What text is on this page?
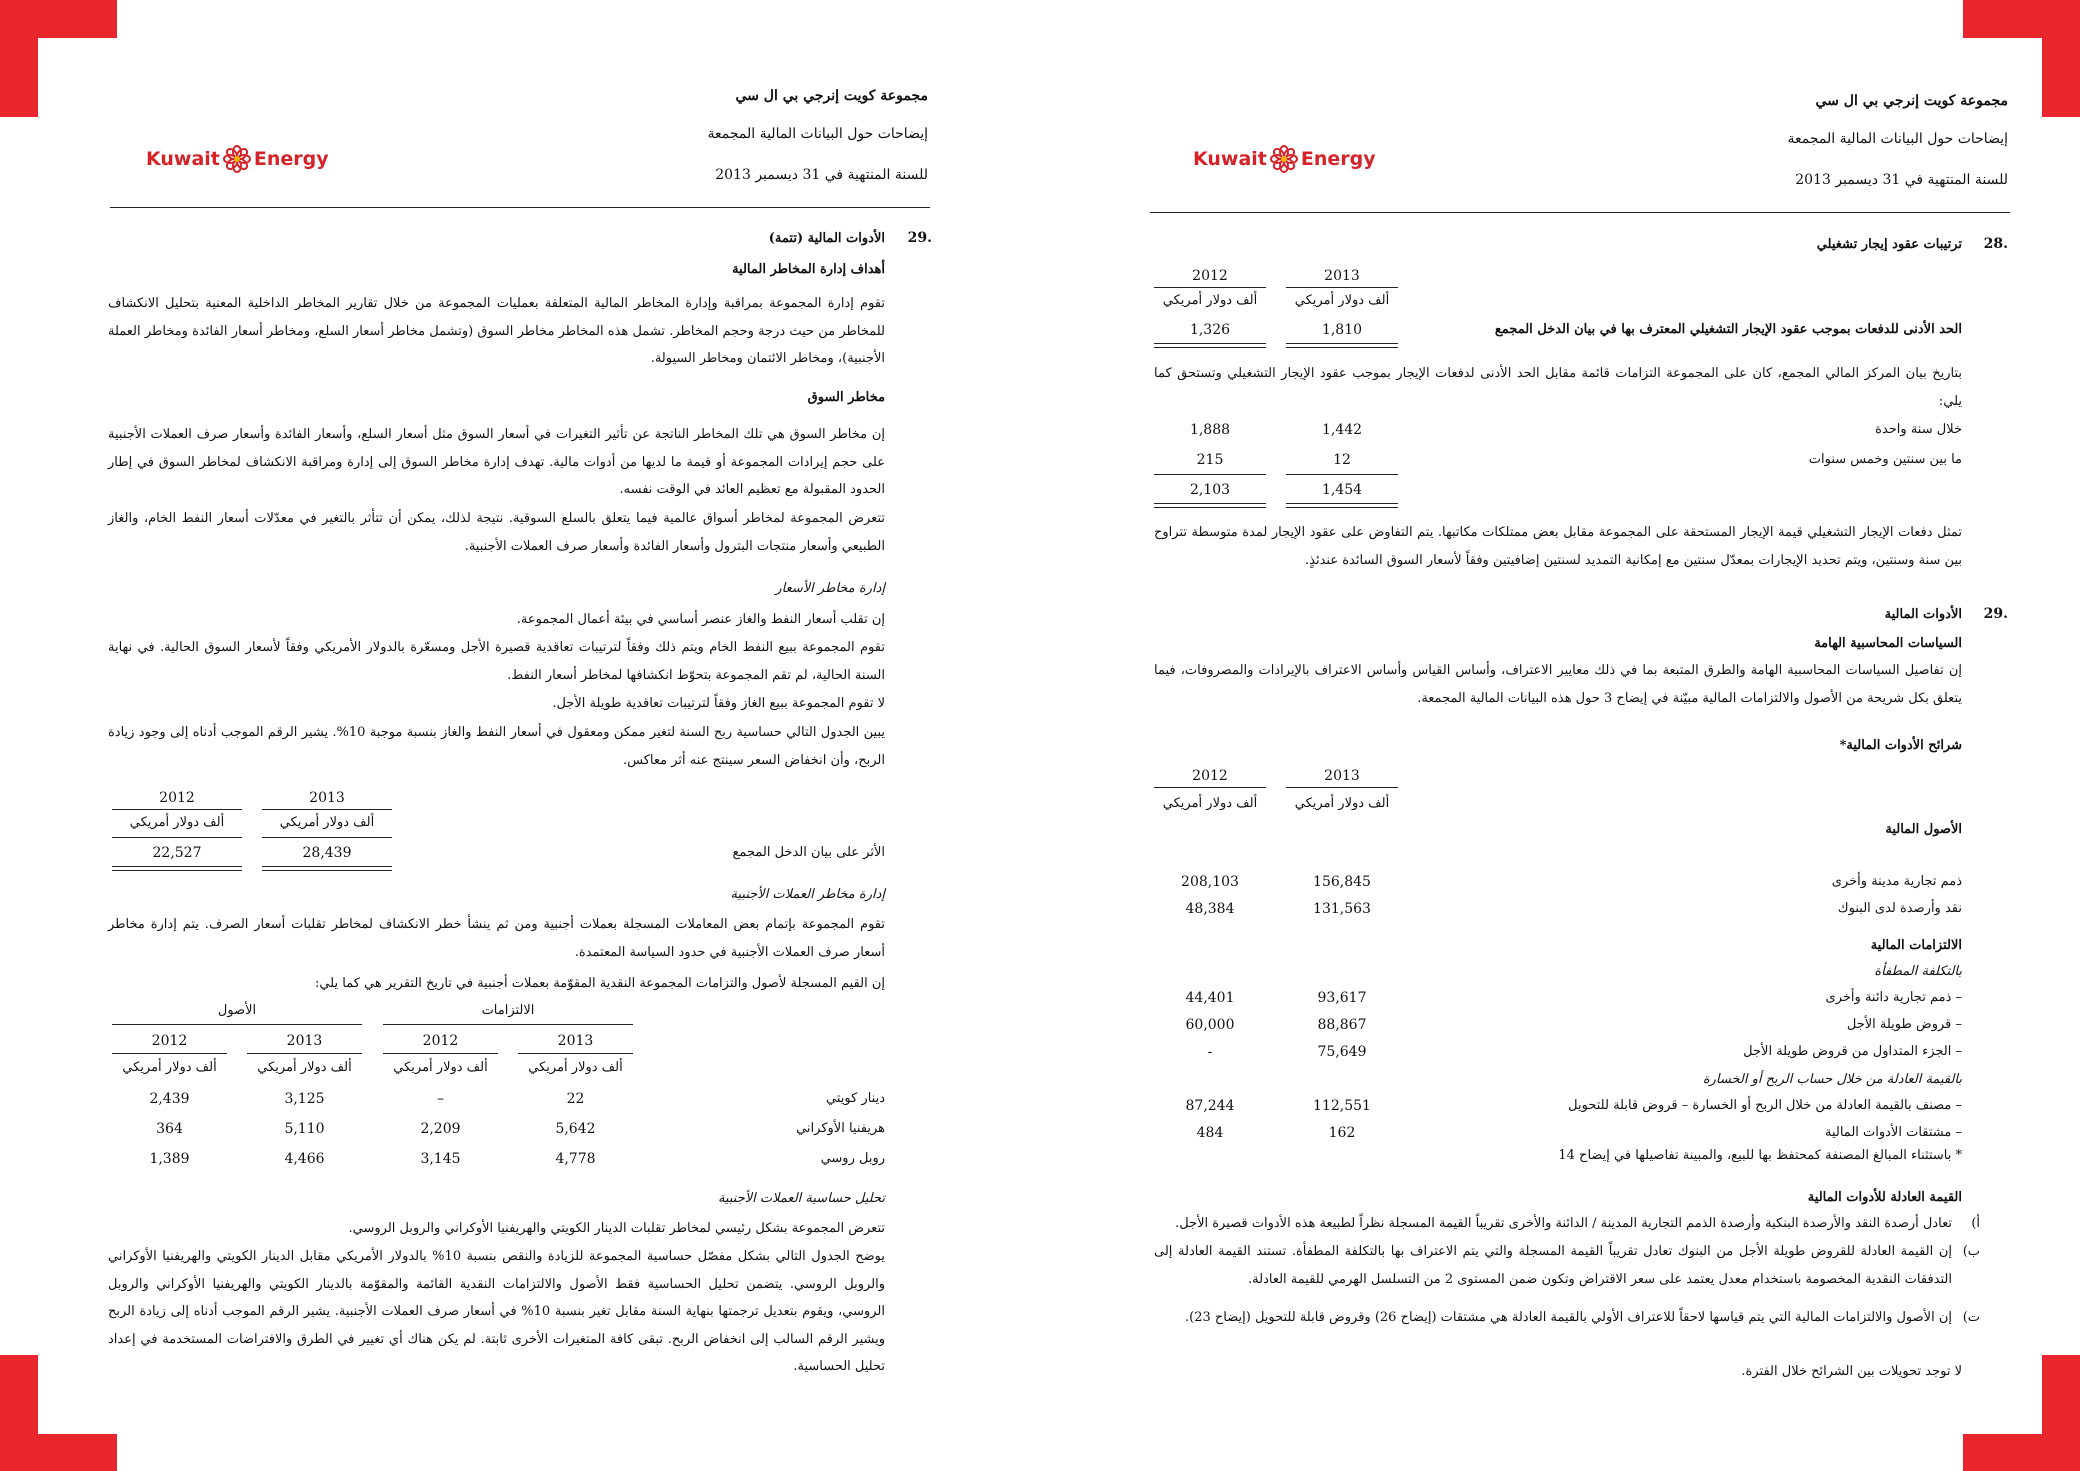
مجموعة كويت إنرجي بي ال سي
إيضاحات حول البيانات المالية المجمعة
للسنة المنتهية في 31 ديسمبر 2013
Kuwait Energy
29.
الأدوات المالية (تتمة)
أهداف إدارة المخاطر المالية
تقوم إدارة المجموعة بمراقبة وإدارة المخاطر المالية المتعلقة بعمليات المجموعة من خلال تقارير المخاطر الداخلية المعنية بتحليل الانكشاف للمخاطر من حيث درجة وحجم المخاطر. تشمل هذه المخاطر مخاطر السوق (وتشمل مخاطر أسعار السلع، ومخاطر أسعار الفائدة ومخاطر العملة الأجنبية)، ومخاطر الائتمان ومخاطر السيولة.
مخاطر السوق
إن مخاطر السوق هي تلك المخاطر الناتجة عن تأثير التغيرات في أسعار السوق مثل أسعار السلع، وأسعار الفائدة وأسعار صرف العملات الأجنبية على حجم إيرادات المجموعة أو قيمة ما لديها من أدوات مالية. تهدف إدارة مخاطر السوق إلى إدارة ومراقبة الانكشاف لمخاطر السوق في إطار الحدود المقبولة مع تعظيم العائد في الوقت نفسه.
تتعرض المجموعة لمخاطر أسواق عالمية فيما يتعلق بالسلع السوقية. نتيجة لذلك، يمكن أن تتأثر بالتغير في معدّلات أسعار النفط الخام، والغاز الطبيعي وأسعار منتجات البترول وأسعار الفائدة وأسعار صرف العملات الأجنبية.
إدارة مخاطر الأسعار
إن تقلب أسعار النفط والغاز عنصر أساسي في بيئة أعمال المجموعة.
تقوم المجموعة ببيع النفط الخام ويتم ذلك وفقاً لترتيبات تعاقدية قصيرة الأجل ومسعّرة بالدولار الأمريكي وفقاً لأسعار السوق الحالية. في نهاية السنة الحالية، لم تقم المجموعة بتحوّط انكشافها لمخاطر أسعار النفط.
لا تقوم المجموعة ببيع الغاز وفقاً لترتيبات تعاقدية طويلة الأجل.
يبين الجدول التالي حساسية ربح السنة لتغير ممكن ومعقول في أسعار النفط والغاز بنسبة موجبة 10%. يشير الرقم الموجب أدناه إلى وجود زيادة الربح، وأن انخفاض السعر سينتج عنه أثر معاكس.
2013
2012
ألف دولار أمريكي
ألف دولار أمريكي
الأثر على بيان الدخل المجمع
28,439
22,527
إدارة مخاطر العملات الأجنبية
تقوم المجموعة بإتمام بعض المعاملات المسجلة بعملات أجنبية ومن ثم ينشأ خطر الانكشاف لمخاطر تقلبات أسعار الصرف. يتم إدارة مخاطر أسعار صرف العملات الأجنبية في حدود السياسة المعتمدة.
إن القيم المسجلة لأصول والتزامات المجموعة النقدية المقوّمة بعملات أجنبية في تاريخ التقرير هي كما يلي:
الالتزامات
الأصول
تحليل حساسية العملات الأجنبية
تتعرض المجموعة بشكل رئيسي لمخاطر تقلبات الدينار الكويتي والهريفنيا الأوكراني والروبل الروسي.
يوضح الجدول التالي بشكل مفصّل حساسية المجموعة للزيادة والنقص بنسبة 10% بالدولار الأمريكي مقابل الدينار الكويتي والهريفنيا الأوكراني والروبل الروسي. يتضمن تحليل الحساسية فقط الأصول والالتزامات النقدية القائمة والمقوّمة بالدينار الكويتي والهريفنيا الأوكراني والروبل الروسي، ويقوم بتعديل ترجمتها بنهاية السنة مقابل تغير بنسبة 10% في أسعار صرف العملات الأجنبية. يشير الرقم الموجب أدناه إلى زيادة الربح ويشير الرقم السالب إلى انخفاض الربح. تبقى كافة المتغيرات الأخرى ثابتة. لم يكن هناك أي تغيير في الطرق والافتراضات المستخدمة في إعداد تحليل الحساسية.
2013
ألف دولار أمريكي
2012
ألف دولار أمريكي
2013
ألف دولار أمريكي
2012
ألف دولار أمريكي
دينار كويتي
22
–
3,125
2,439
هريفنيا الأوكراني
5,642
2,209
5,110
364
روبل روسي
4,778
3,145
4,466
1,389
مجموعة كويت إنرجي بي ال سي
إيضاحات حول البيانات المالية المجمعة
للسنة المنتهية في 31 ديسمبر 2013
Kuwait Energy
28.
ترتيبات عقود إيجار تشغيلي
2013
2012
ألف دولار أمريكي
ألف دولار أمريكي
الحد الأدنى للدفعات بموجب عقود الإيجار التشغيلي المعترف بها في بيان الدخل المجمع
1,810
1,326
بتاريخ بيان المركز المالي المجمع، كان على المجموعة التزامات قائمة مقابل الحد الأدنى لدفعات الإيجار بموجب عقود الإيجار التشغيلي وتستحق كما يلي:
خلال سنة واحدة
1,442
1,888
ما بين سنتين وخمس سنوات
12
215
1,454
2,103
تمثل دفعات الإيجار التشغيلي قيمة الإيجار المستحقة على المجموعة مقابل بعض ممتلكات مكاتبها. يتم التفاوض على عقود الإيجار لمدة متوسطة تتراوح بين سنة وسنتين، ويتم تحديد الإيجارات بمعدّل سنتين مع إمكانية التمديد لسنتين إضافيتين وفقاً لأسعار السوق السائدة عندئذٍ.
29.
الأدوات المالية
السياسات المحاسبية الهامة
إن تفاصيل السياسات المحاسبية الهامة والطرق المتبعة بما في ذلك معايير الاعتراف، وأساس القياس وأساس الاعتراف بالإيرادات والمصروفات، فيما يتعلق بكل شريحة من الأصول والالتزامات المالية مبيّنة في إيضاح 3 حول هذه البيانات المالية المجمعة.
شرائح الأدوات المالية*
2013
2012
ألف دولار أمريكي
ألف دولار أمريكي
الأصول المالية
* باستثناء المبالغ المصنفة كمحتفظ بها للبيع، والمبينة تفاصيلها في إيضاح 14
القيمة العادلة للأدوات المالية
لا توجد تحويلات بين الشرائح خلال الفترة.
ذمم تجارية مدينة وأخرى
156,845
208,103
نقد وأرصدة لدى البنوك
131,563
48,384
الالتزامات المالية
بالتكلفة المطفأة
– ذمم تجارية دائنة وأخرى
93,617
44,401
– قروض طويلة الأجل
88,867
60,000
– الجزء المتداول من قروض طويلة الأجل
75,649
-
بالقيمة العادلة من خلال حساب الربح أو الخسارة
– مصنف بالقيمة العادلة من خلال الربح أو الخسارة – قروض قابلة للتحويل
112,551
87,244
– مشتقات الأدوات المالية
162
484
أ)
تعادل أرصدة النقد والأرصدة البنكية وأرصدة الذمم التجارية المدينة / الدائنة والأخرى تقريباً القيمة المسجلة نظراً لطبيعة هذه الأدوات قصيرة الأجل.
ب)
إن القيمة العادلة للقروض طويلة الأجل من البنوك تعادل تقريباً القيمة المسجلة والتي يتم الاعتراف بها بالتكلفة المطفأة. تستند القيمة العادلة إلى التدفقات النقدية المخصومة باستخدام معدل يعتمد على سعر الاقتراض وتكون ضمن المستوى 2 من التسلسل الهرمي للقيمة العادلة.
ت)
إن الأصول والالتزامات المالية التي يتم قياسها لاحقاً للاعتراف الأولي بالقيمة العادلة هي مشتقات (إيضاح 26) وقروض قابلة للتحويل (إيضاح 23).
